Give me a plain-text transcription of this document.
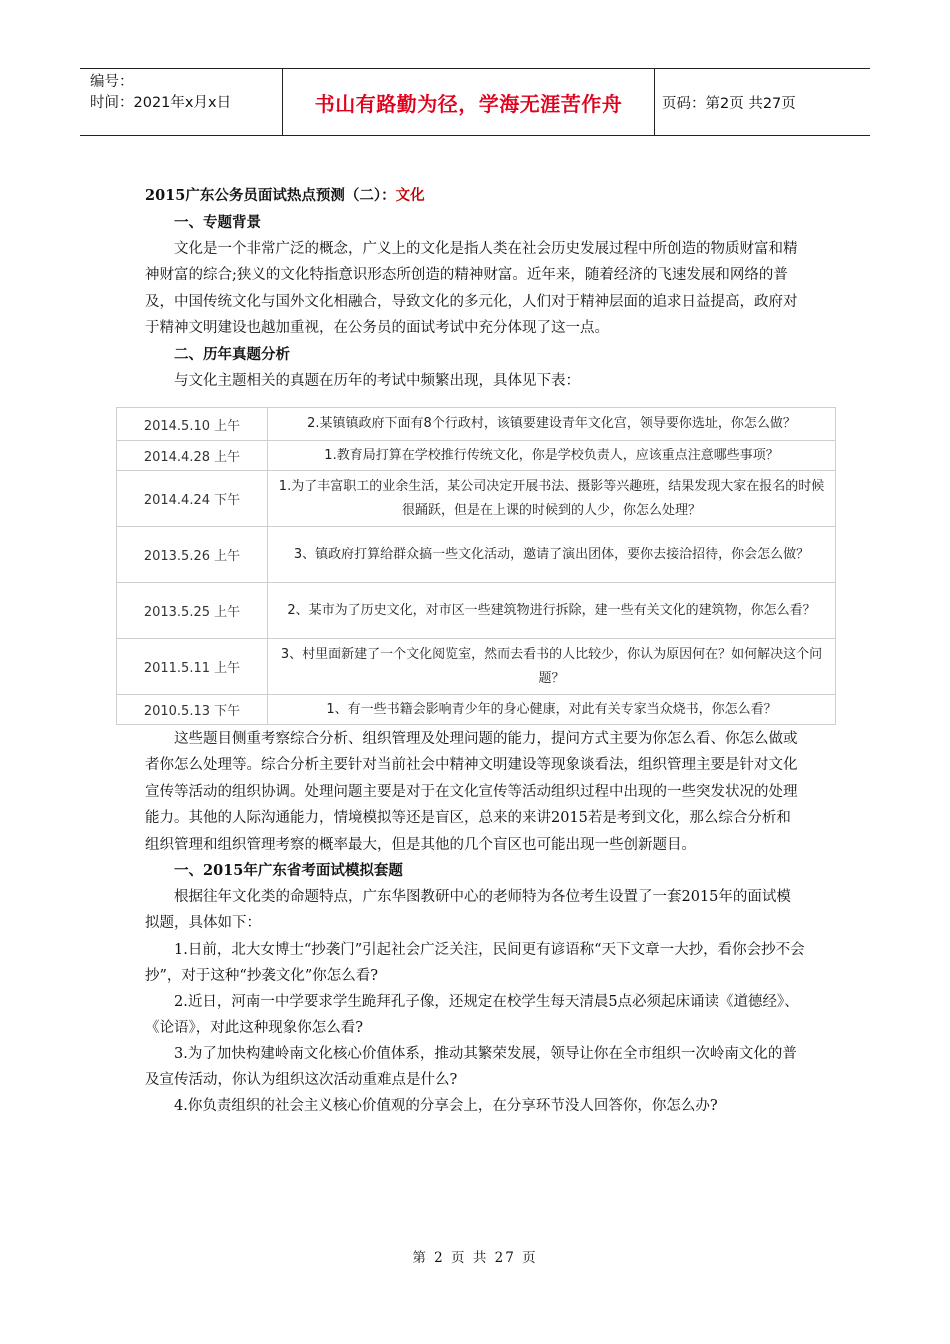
编号：
时间：2021年x月x日	书山有路勤为径，学海无涯苦作舟	页码：第2页 共27页
2015广东公务员面试热点预测（二）：文化
一、专题背景

文化是一个非常广泛的概念，广义上的文化是指人类在社会历史发展过程中所创造的物质财富和精神财富的综合;狭义的文化特指意识形态所创造的精神财富。近年来，随着经济的飞速发展和网络的普及，中国传统文化与国外文化相融合，导致文化的多元化，人们对于精神层面的追求日益提高，政府对于精神文明建设也越加重视，在公务员的面试考试中充分体现了这一点。

二、历年真题分析

与文化主题相关的真题在历年的考试中频繁出现，具体见下表：

2014.5.10 上午	2.某镇镇政府下面有8个行政村，该镇要建设青年文化宫，领导要你选址，你怎么做？
2014.4.28 上午	1.教育局打算在学校推行传统文化，你是学校负责人，应该重点注意哪些事项？
2014.4.24 下午	1.为了丰富职工的业余生活，某公司决定开展书法、摄影等兴趣班，结果发现大家在报名的时候很踊跃，但是在上课的时候到的人少，你怎么处理？
2013.5.26 上午	3、镇政府打算给群众搞一些文化活动，邀请了演出团体，要你去接洽招待，你会怎么做？
2013.5.25 上午	2、某市为了历史文化，对市区一些建筑物进行拆除，建一些有关文化的建筑物，你怎么看？
2011.5.11 上午	3、村里面新建了一个文化阅览室，然而去看书的人比较少，你认为原因何在？如何解决这个问题？
2010.5.13 下午	1、有一些书籍会影响青少年的身心健康，对此有关专家当众烧书，你怎么看？

这些题目侧重考察综合分析、组织管理及处理问题的能力，提问方式主要为你怎么看、你怎么做或者你怎么处理等。综合分析主要针对当前社会中精神文明建设等现象谈看法，组织管理主要是针对文化宣传等活动的组织协调。处理问题主要是对于在文化宣传等活动组织过程中出现的一些突发状况的处理能力。其他的人际沟通能力，情境模拟等还是盲区，总来的来讲2015若是考到文化，那么综合分析和组织管理和组织管理考察的概率最大，但是其他的几个盲区也可能出现一些创新题目。

一、2015年广东省考面试模拟套题

根据往年文化类的命题特点，广东华图教研中心的老师特为各位考生设置了一套2015年的面试模拟题，具体如下：

1.日前，北大女博士“抄袭门”引起社会广泛关注，民间更有谚语称“天下文章一大抄，看你会抄不会抄”，对于这种“抄袭文化”你怎么看?

2.近日，河南一中学要求学生跪拜孔子像，还规定在校学生每天清晨5点必须起床诵读《道德经》、《论语》，对此这种现象你怎么看?

3.为了加快构建岭南文化核心价值体系，推动其繁荣发展，领导让你在全市组织一次岭南文化的普及宣传活动，你认为组织这次活动重难点是什么?

4.你负责组织的社会主义核心价值观的分享会上，在分享环节没人回答你，你怎么办?

第 2 页 共 27 页
